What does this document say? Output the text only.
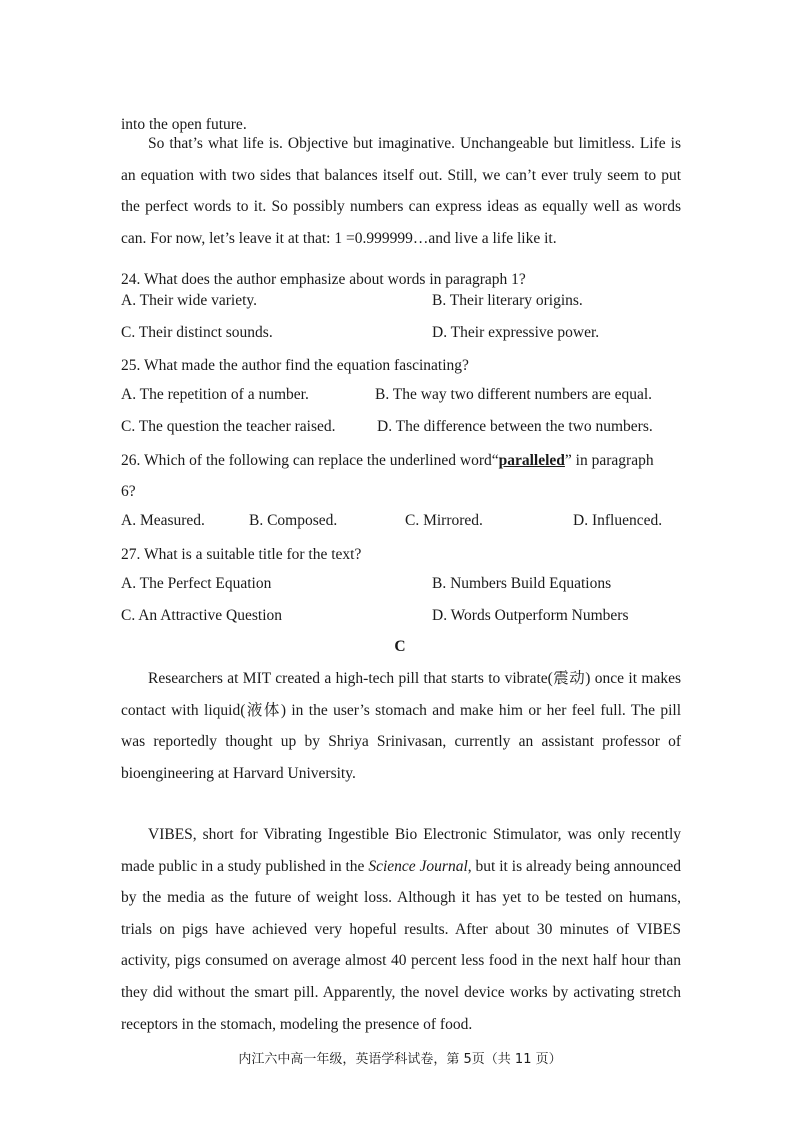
into the open future.

So that’s what life is. Objective but imaginative. Unchangeable but limitless. Life is an equation with two sides that balances itself out. Still, we can’t ever truly seem to put the perfect words to it. So possibly numbers can express ideas as equally well as words can. For now, let’s leave it at that: 1 =0.999999…and live a life like it.

24. What does the author emphasize about words in paragraph 1?

A. Their wide variety.	B. Their literary origins.
C. Their distinct sounds.	D. Their expressive power.

25. What made the author find the equation fascinating?

A. The repetition of a number.	B. The way two different numbers are equal.
C. The question the teacher raised.	D. The difference between the two numbers.

26. Which of the following can replace the underlined word“paralleled” in paragraph

6?

A. Measured.	B. Composed.	C. Mirrored.	D. Influenced.

27. What is a suitable title for the text?

A. The Perfect Equation	B. Numbers Build Equations
C. An Attractive Question	D. Words Outperform Numbers
C

Researchers at MIT created a high-tech pill that starts to vibrate(震动) once it makes contact with liquid(液体) in the user’s stomach and make him or her feel full. The pill was reportedly thought up by Shriya Srinivasan, currently an assistant professor of bioengineering at Harvard University.

VIBES, short for Vibrating Ingestible Bio Electronic Stimulator, was only recently made public in a study published in the Science Journal, but it is already being announced by the media as the future of weight loss. Although it has yet to be tested on humans, trials on pigs have achieved very hopeful results. After about 30 minutes of VIBES activity, pigs consumed on average almost 40 percent less food in the next half hour than they did without the smart pill. Apparently, the novel device works by activating stretch receptors in the stomach, modeling the presence of food.

内江六中高一年级，英语学科试卷，第 5页（共 11 页）
